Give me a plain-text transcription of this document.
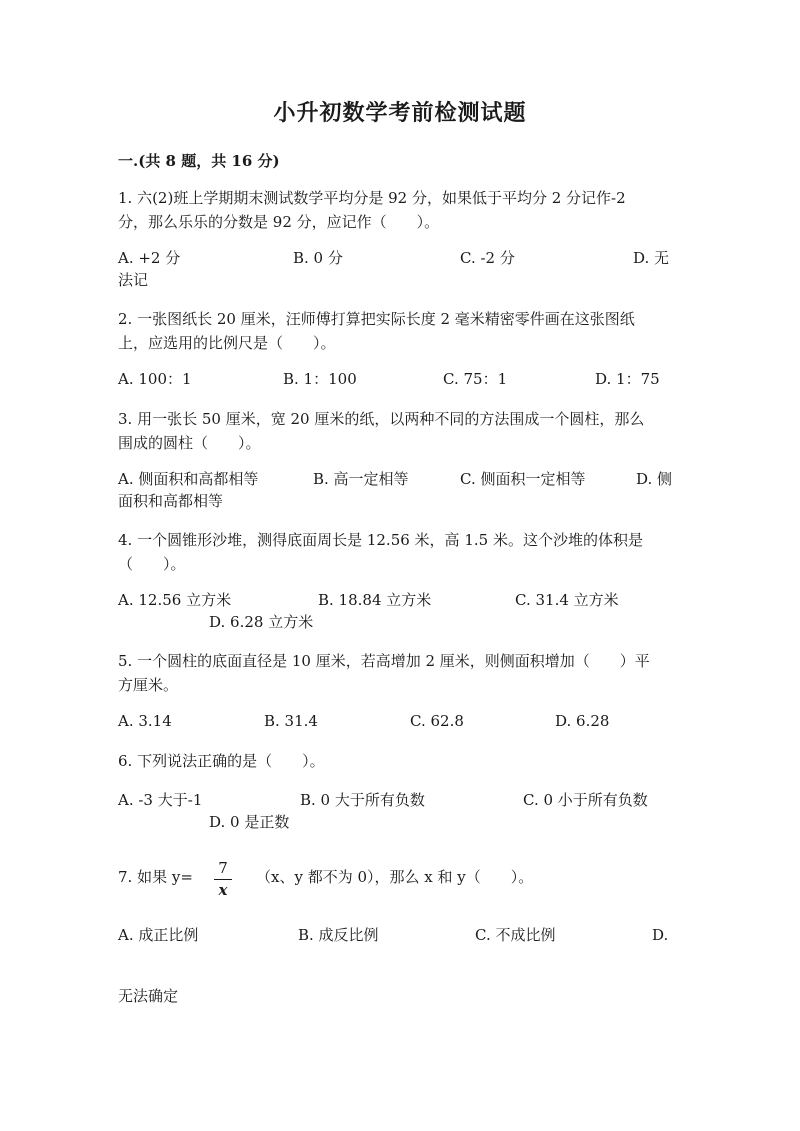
小升初数学考前检测试题
一.(共 8 题，共 16 分)
1. 六(2)班上学期期末测试数学平均分是 92 分，如果低于平均分 2 分记作-2
分，那么乐乐的分数是 92 分，应记作（　　）。
A. +2 分	B. 0 分	C. -2 分	D. 无
法记
2. 一张图纸长 20 厘米，汪师傅打算把实际长度 2 毫米精密零件画在这张图纸
上，应选用的比例尺是（　　）。
A. 100：1	B. 1：100	C. 75：1	D. 1：75
3. 用一张长 50 厘米，宽 20 厘米的纸，以两种不同的方法围成一个圆柱，那么
围成的圆柱（　　）。
A. 侧面积和高都相等	B. 高一定相等	C. 侧面积一定相等	D. 侧
面积和高都相等
4. 一个圆锥形沙堆，测得底面周长是 12.56 米，高 1.5 米。这个沙堆的体积是
（　　）。
A. 12.56 立方米	B. 18.84 立方米	C. 31.4 立方米
D. 6.28 立方米
5. 一个圆柱的底面直径是 10 厘米，若高增加 2 厘米，则侧面积增加（　　）平
方厘米。
A. 3.14	B. 31.4	C. 62.8	D. 6.28
6. 下列说法正确的是（　　）。
A. -3 大于-1	B. 0 大于所有负数	C. 0 小于所有负数
D. 0 是正数
7. 如果 y=	7
x
（x、y 都不为 0），那么 x 和 y（　　）。
A. 成正比例	B. 成反比例	C. 不成比例	D.
无法确定
